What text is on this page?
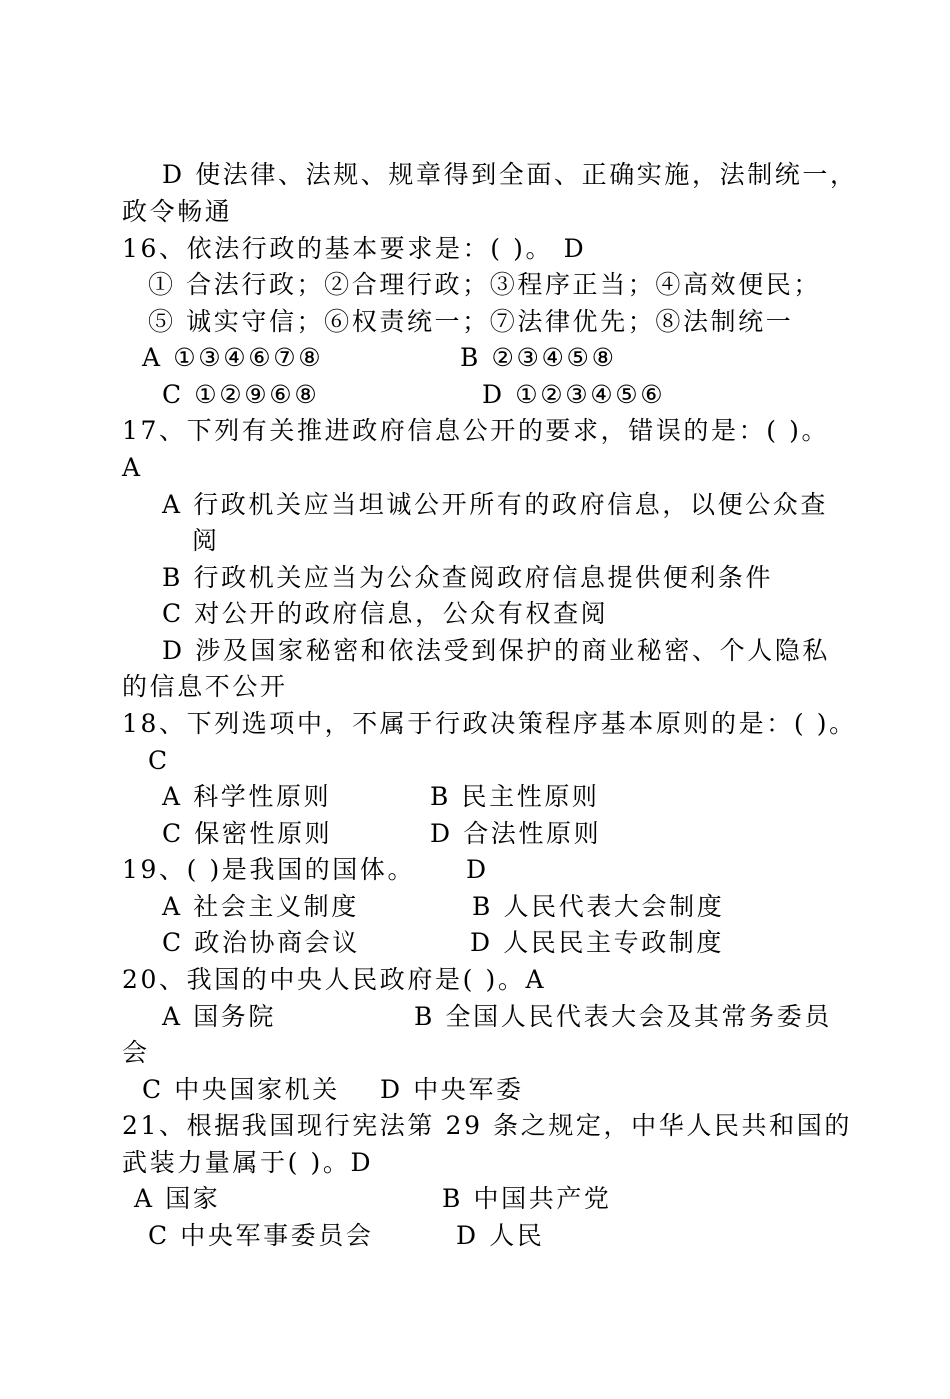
D 使法律、法规、规章得到全面、正确实施，法制统一，
政令畅通
16、依法行政的基本要求是：( )。 D
① 合法行政；②合理行政；③程序正当；④高效便民；
⑤ 诚实守信；⑥权责统一；⑦法律优先；⑧法制统一
A ①③④⑥⑦⑧	B ②③④⑤⑧
C ①②⑨⑥⑧	D ①②③④⑤⑥
17、下列有关推进政府信息公开的要求，错误的是：( )。
A
A 行政机关应当坦诚公开所有的政府信息，以便公众查
阅
B 行政机关应当为公众查阅政府信息提供便利条件
C 对公开的政府信息，公众有权查阅
D 涉及国家秘密和依法受到保护的商业秘密、个人隐私
的信息不公开
18、下列选项中，不属于行政决策程序基本原则的是：( )。
C
A 科学性原则	B 民主性原则
C 保密性原则	D 合法性原则
19、( )是我国的国体。 D
A 社会主义制度	B 人民代表大会制度
C 政治协商会议	D 人民民主专政制度
20、我国的中央人民政府是( )。A
A 国务院	B 全国人民代表大会及其常务委员
会
C 中央国家机关 D 中央军委
21、根据我国现行宪法第 29 条之规定，中华人民共和国的
武装力量属于( )。D
A 国家	B 中国共产党
C 中央军事委员会	D 人民
